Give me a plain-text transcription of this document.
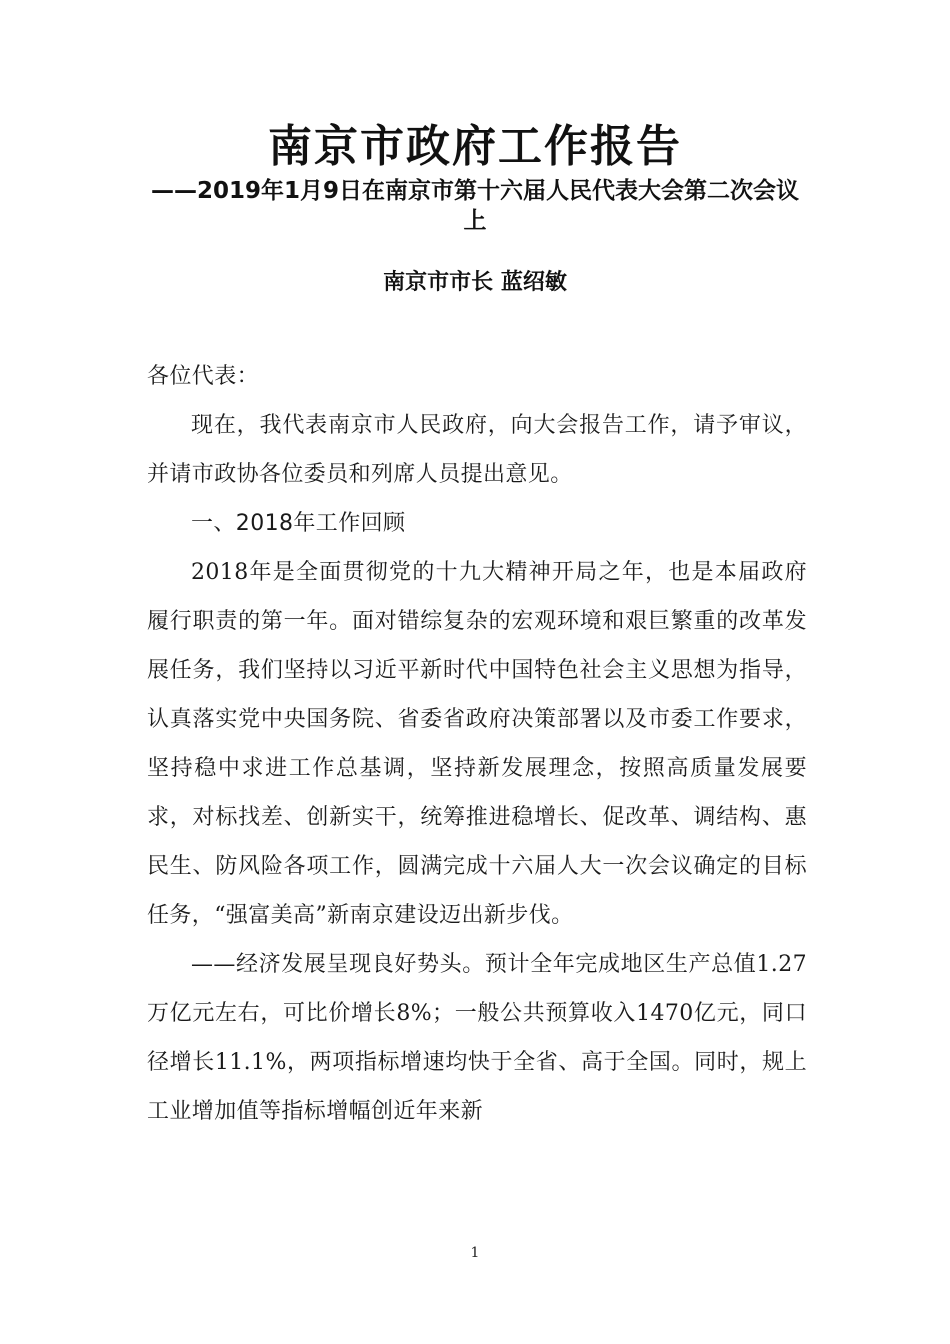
南京市政府工作报告
——2019年1月9日在南京市第十六届人民代表大会第二次会议上
南京市市长 蓝绍敏

各位代表：

现在，我代表南京市人民政府，向大会报告工作，请予审议，并请市政协各位委员和列席人员提出意见。

一、2018年工作回顾

2018年是全面贯彻党的十九大精神开局之年，也是本届政府履行职责的第一年。面对错综复杂的宏观环境和艰巨繁重的改革发展任务，我们坚持以习近平新时代中国特色社会主义思想为指导，认真落实党中央国务院、省委省政府决策部署以及市委工作要求，坚持稳中求进工作总基调，坚持新发展理念，按照高质量发展要求，对标找差、创新实干，统筹推进稳增长、促改革、调结构、惠民生、防风险各项工作，圆满完成十六届人大一次会议确定的目标任务，“强富美高”新南京建设迈出新步伐。

——经济发展呈现良好势头。预计全年完成地区生产总值1.27万亿元左右，可比价增长8%；一般公共预算收入1470亿元，同口径增长11.1%，两项指标增速均快于全省、高于全国。同时，规上工业增加值等指标增幅创近年来新

1
